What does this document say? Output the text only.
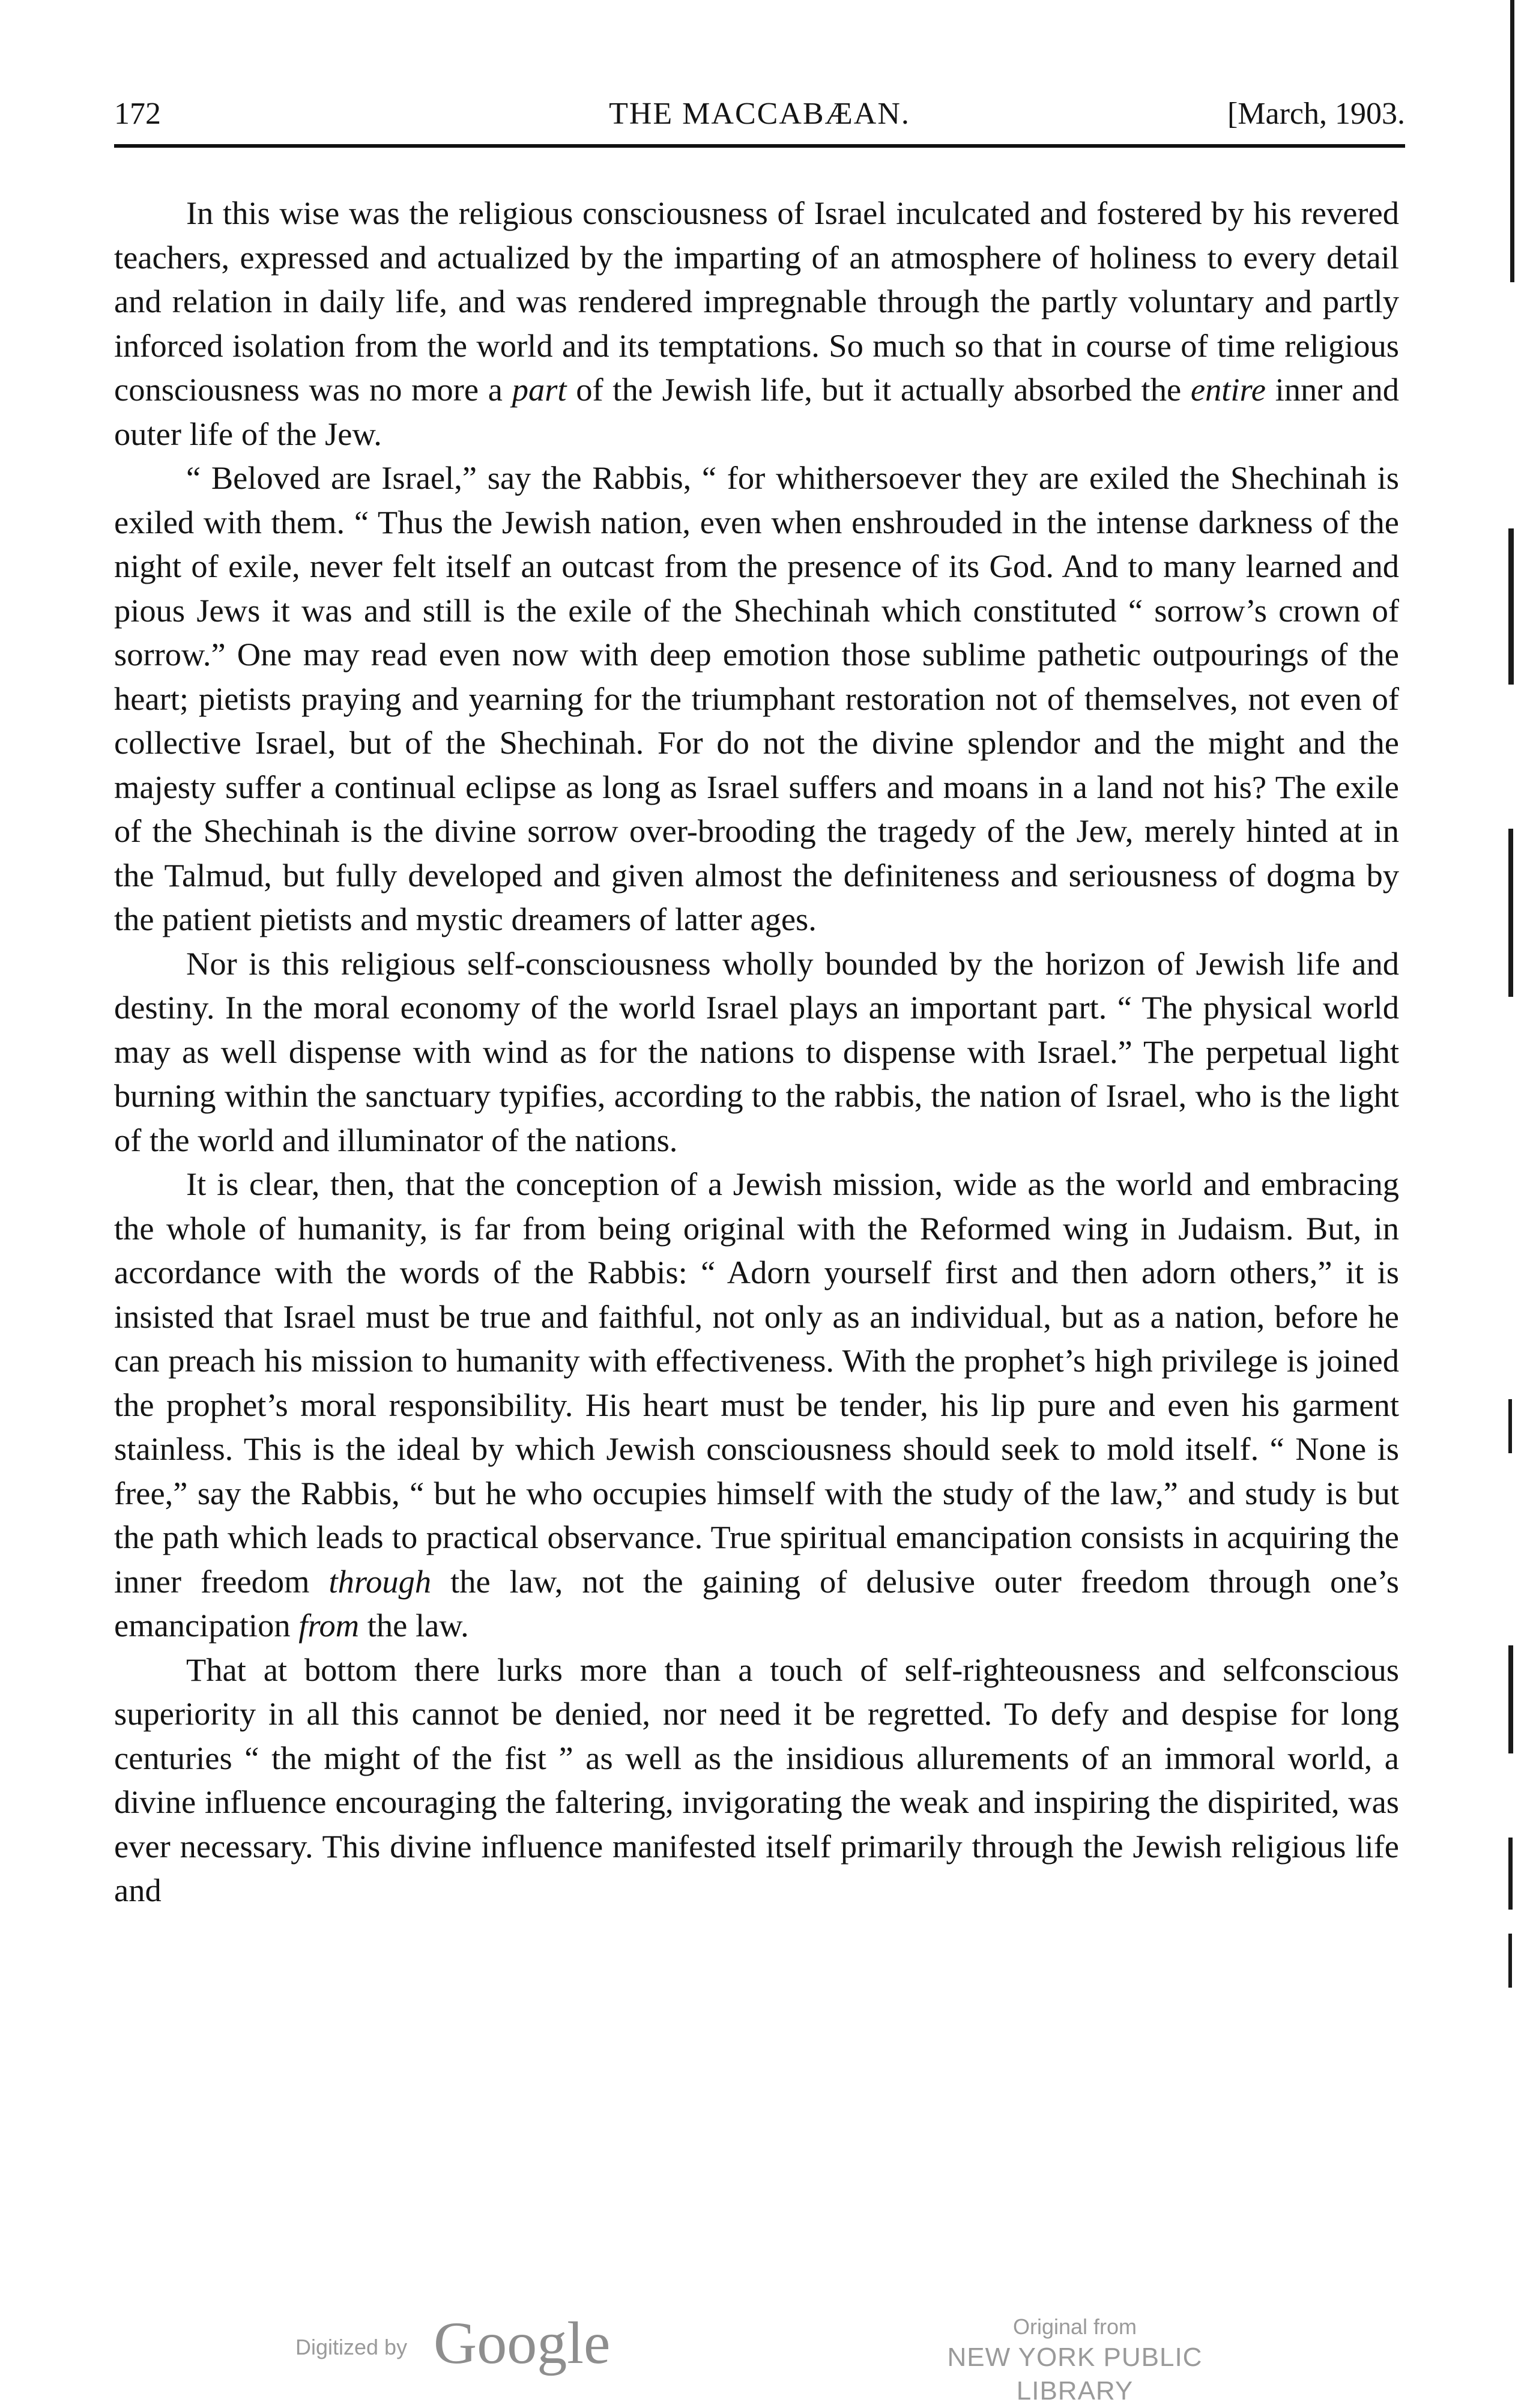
172	THE MACCABÆAN.	[March, 1903.

In this wise was the religious consciousness of Israel inculcated and fostered by his revered teachers, expressed and actualized by the imparting of an atmosphere of holiness to every detail and relation in daily life, and was rendered impregnable through the partly voluntary and partly inforced isolation from the world and its temptations. So much so that in course of time religious consciousness was no more a part of the Jewish life, but it actually absorbed the entire inner and outer life of the Jew.

“ Beloved are Israel,” say the Rabbis, “ for whithersoever they are exiled the Shechinah is exiled with them. “ Thus the Jewish nation, even when enshrouded in the intense darkness of the night of exile, never felt itself an outcast from the presence of its God. And to many learned and pious Jews it was and still is the exile of the Shechinah which constituted “ sorrow’s crown of sorrow.” One may read even now with deep emotion those sublime pathetic outpourings of the heart; pietists praying and yearning for the triumphant restoration not of themselves, not even of collective Israel, but of the Shechinah. For do not the divine splendor and the might and the majesty suffer a continual eclipse as long as Israel suffers and moans in a land not his? The exile of the Shechinah is the divine sorrow over-brooding the tragedy of the Jew, merely hinted at in the Talmud, but fully developed and given almost the definiteness and seriousness of dogma by the patient pietists and mystic dreamers of latter ages.

Nor is this religious self-consciousness wholly bounded by the horizon of Jewish life and destiny. In the moral economy of the world Israel plays an important part. “ The physical world may as well dispense with wind as for the nations to dispense with Israel.” The perpetual light burning within the sanctuary typifies, according to the rabbis, the nation of Israel, who is the light of the world and illuminator of the nations.

It is clear, then, that the conception of a Jewish mission, wide as the world and embracing the whole of humanity, is far from being original with the Reformed wing in Judaism. But, in accordance with the words of the Rabbis: “ Adorn yourself first and then adorn others,” it is insisted that Israel must be true and faithful, not only as an individual, but as a nation, before he can preach his mission to humanity with effectiveness. With the prophet’s high privilege is joined the prophet’s moral responsibility. His heart must be tender, his lip pure and even his garment stainless. This is the ideal by which Jewish consciousness should seek to mold itself. “ None is free,” say the Rabbis, “ but he who occupies himself with the study of the law,” and study is but the path which leads to practical observance. True spiritual emancipation consists in acquiring the inner freedom through the law, not the gaining of delusive outer freedom through one’s emancipation from the law.

That at bottom there lurks more than a touch of self-righteousness and selfconscious superiority in all this cannot be denied, nor need it be regretted. To defy and despise for long centuries “ the might of the fist ” as well as the insidious allurements of an immoral world, a divine influence encouraging the faltering, invigorating the weak and inspiring the dispirited, was ever necessary. This divine influence manifested itself primarily through the Jewish religious life and

Digitized by Google	Original from
NEW YORK PUBLIC LIBRARY
